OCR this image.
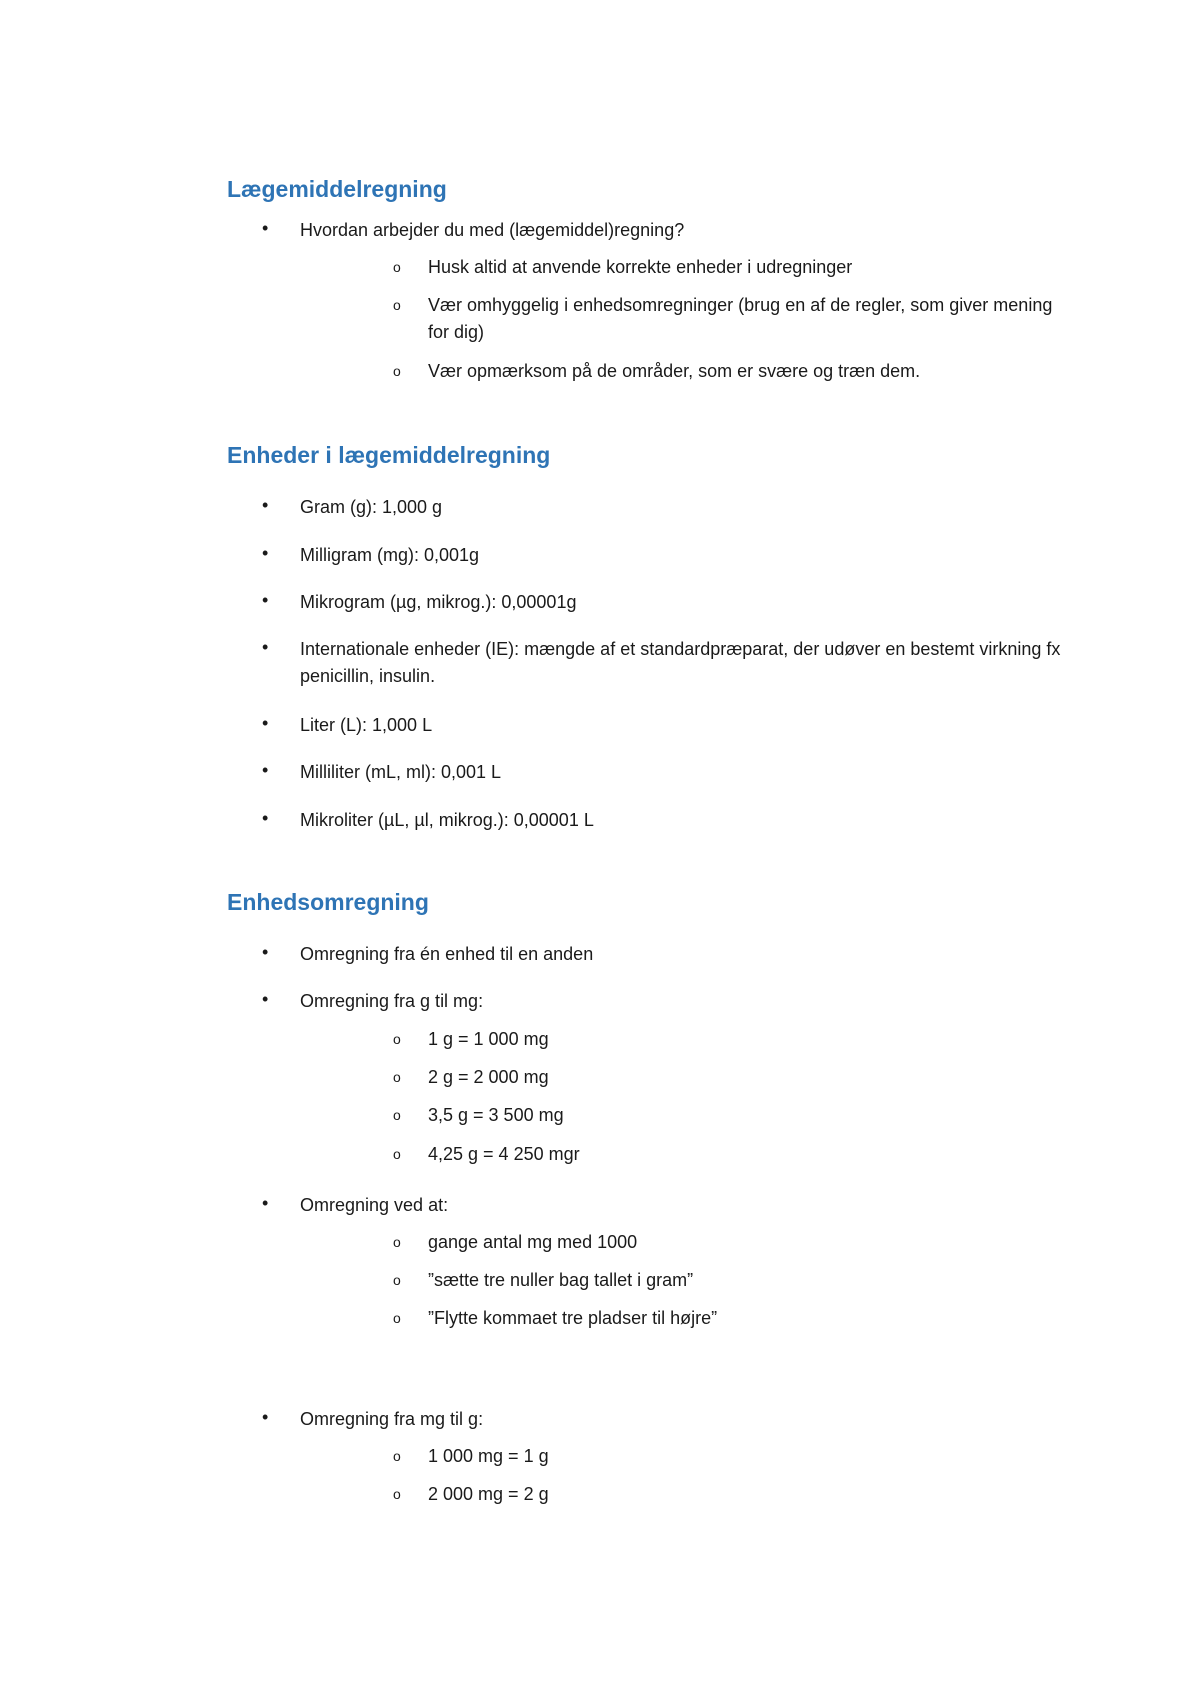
Lægemiddelregning
• Hvordan arbejder du med (lægemiddel)regning?
o Husk altid at anvende korrekte enheder i udregninger
o Vær omhyggelig i enhedsomregninger (brug en af de regler, som giver mening for dig)
o Vær opmærksom på de områder, som er svære og træn dem.
Enheder i lægemiddelregning
• Gram (g): 1,000 g
• Milligram (mg): 0,001g
• Mikrogram (µg, mikrog.): 0,00001g
• Internationale enheder (IE): mængde af et standardpræparat, der udøver en bestemt virkning fx penicillin, insulin.
• Liter (L): 1,000 L
• Milliliter (mL, ml): 0,001 L
• Mikroliter (µL, µl, mikrog.): 0,00001 L
Enhedsomregning
• Omregning fra én enhed til en anden
• Omregning fra g til mg:
o 1 g = 1 000 mg
o 2 g = 2 000 mg
o 3,5 g = 3 500 mg
o 4,25 g = 4 250 mgr
• Omregning ved at:
o gange antal mg med 1000
o ”sætte tre nuller bag tallet i gram”
o ”Flytte kommaet tre pladser til højre”
• Omregning fra mg til g:
o 1 000 mg = 1 g
o 2 000 mg = 2 g
